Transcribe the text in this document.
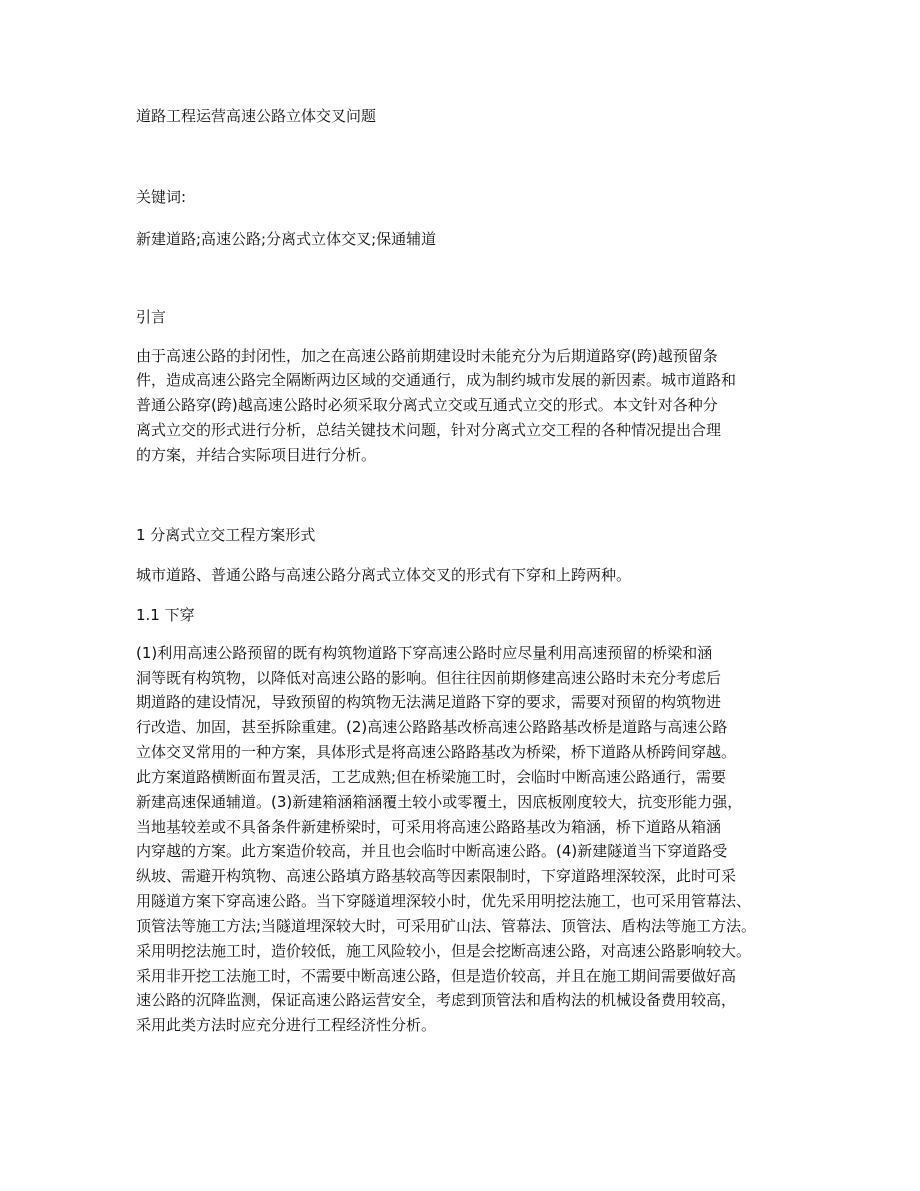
道路工程运营高速公路立体交叉问题
关键词:
新建道路;高速公路;分离式立体交叉;保通辅道
引言
由于高速公路的封闭性，加之在高速公路前期建设时未能充分为后期道路穿(跨)越预留条
件，造成高速公路完全隔断两边区域的交通通行，成为制约城市发展的新因素。城市道路和
普通公路穿(跨)越高速公路时必须采取分离式立交或互通式立交的形式。本文针对各种分
离式立交的形式进行分析，总结关键技术问题，针对分离式立交工程的各种情况提出合理
的方案，并结合实际项目进行分析。
1 分离式立交工程方案形式
城市道路、普通公路与高速公路分离式立体交叉的形式有下穿和上跨两种。
1.1 下穿
(1)利用高速公路预留的既有构筑物道路下穿高速公路时应尽量利用高速预留的桥梁和涵
洞等既有构筑物，以降低对高速公路的影响。但往往因前期修建高速公路时未充分考虑后
期道路的建设情况，导致预留的构筑物无法满足道路下穿的要求，需要对预留的构筑物进
行改造、加固，甚至拆除重建。(2)高速公路路基改桥高速公路路基改桥是道路与高速公路
立体交叉常用的一种方案，具体形式是将高速公路路基改为桥梁，桥下道路从桥跨间穿越。
此方案道路横断面布置灵活，工艺成熟;但在桥梁施工时，会临时中断高速公路通行，需要
新建高速保通辅道。(3)新建箱涵箱涵覆土较小或零覆土，因底板刚度较大，抗变形能力强，
当地基较差或不具备条件新建桥梁时，可采用将高速公路路基改为箱涵，桥下道路从箱涵
内穿越的方案。此方案造价较高，并且也会临时中断高速公路。(4)新建隧道当下穿道路受
纵坡、需避开构筑物、高速公路填方路基较高等因素限制时，下穿道路埋深较深，此时可采
用隧道方案下穿高速公路。当下穿隧道埋深较小时，优先采用明挖法施工，也可采用管幕法、
顶管法等施工方法;当隧道埋深较大时，可采用矿山法、管幕法、顶管法、盾构法等施工方法。
采用明挖法施工时，造价较低，施工风险较小，但是会挖断高速公路，对高速公路影响较大。
采用非开挖工法施工时，不需要中断高速公路，但是造价较高，并且在施工期间需要做好高
速公路的沉降监测，保证高速公路运营安全，考虑到顶管法和盾构法的机械设备费用较高，
采用此类方法时应充分进行工程经济性分析。
